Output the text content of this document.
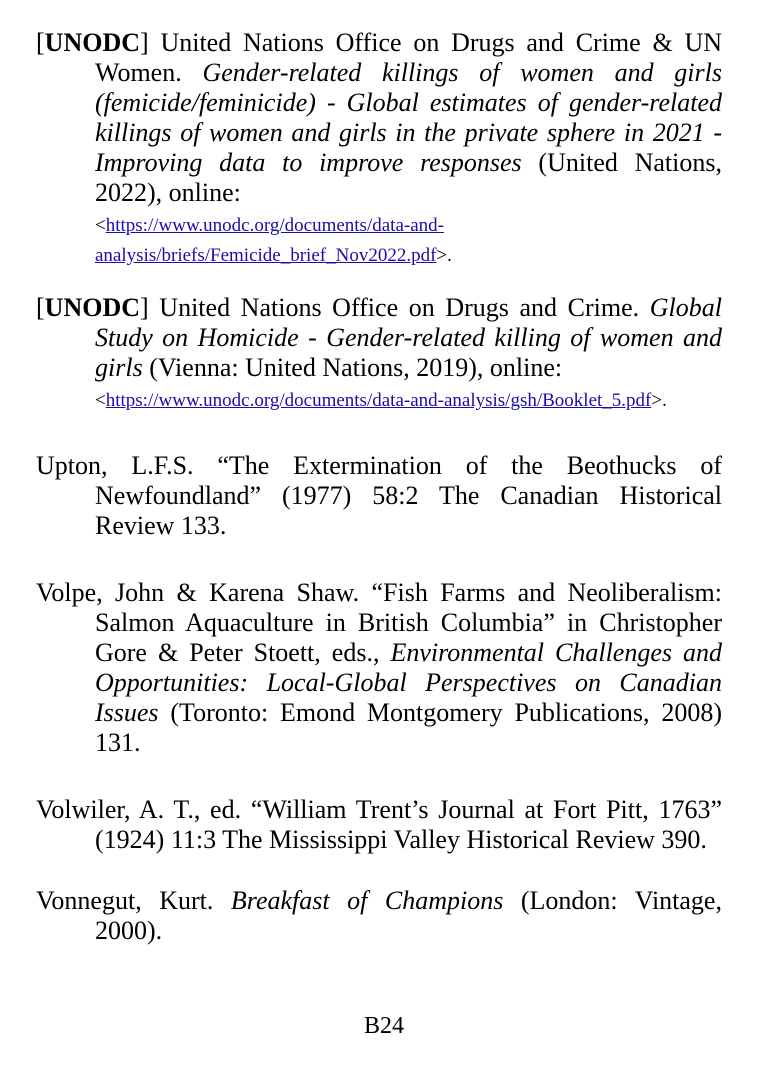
[UNODC] United Nations Office on Drugs and Crime & UN Women. Gender-related killings of women and girls (femicide/feminicide) - Global estimates of gender-related killings of women and girls in the private sphere in 2021 - Improving data to improve responses (United Nations, 2022), online:
<https://www.unodc.org/documents/data-and-analysis/briefs/Femicide_brief_Nov2022.pdf>.

[UNODC] United Nations Office on Drugs and Crime. Global Study on Homicide - Gender-related killing of women and girls (Vienna: United Nations, 2019), online:
<https://www.unodc.org/documents/data-and-analysis/gsh/Booklet_5.pdf>.

Upton, L.F.S. “The Extermination of the Beothucks of Newfoundland” (1977) 58:2 The Canadian Historical Review 133.

Volpe, John & Karena Shaw. “Fish Farms and Neoliberalism: Salmon Aquaculture in British Columbia” in Christopher Gore & Peter Stoett, eds., Environmental Challenges and Opportunities: Local-Global Perspectives on Canadian Issues (Toronto: Emond Montgomery Publications, 2008) 131.

Volwiler, A. T., ed. “William Trent’s Journal at Fort Pitt, 1763” (1924) 11:3 The Mississippi Valley Historical Review 390.

Vonnegut, Kurt. Breakfast of Champions (London: Vintage, 2000).

B24
